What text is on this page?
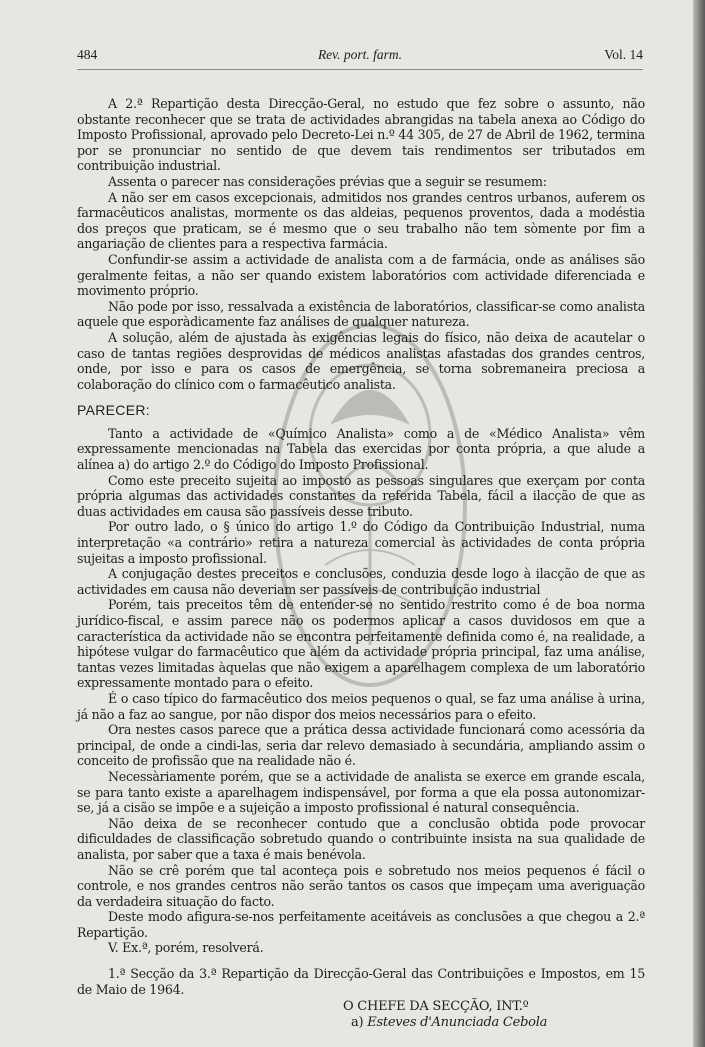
484	Rev. port. farm.	Vol. 14

A 2.ª Repartição desta Direcção-Geral, no estudo que fez sobre o assunto, não obstante reconhecer que se trata de actividades abrangidas na tabela anexa ao Código do Imposto Profissional, aprovado pelo Decreto-Lei n.º 44 305, de 27 de Abril de 1962, termina por se pronunciar no sentido de que devem tais rendimentos ser tributados em contribuição industrial.

Assenta o parecer nas considerações prévias que a seguir se resumem:

A não ser em casos excepcionais, admitidos nos grandes centros urbanos, auferem os farmacêuticos analistas, mormente os das aldeias, pequenos proventos, dada a modéstia dos preços que praticam, se é mesmo que o seu trabalho não tem sòmente por fim a angariação de clientes para a respectiva farmácia.

Confundir-se assim a actividade de analista com a de farmácia, onde as análises são geralmente feitas, a não ser quando existem laboratórios com actividade diferenciada e movimento próprio.

Não pode por isso, ressalvada a existência de laboratórios, classificar-se como analista aquele que esporàdicamente faz análises de qualquer natureza.

A solução, além de ajustada às exigências legais do físico, não deixa de acautelar o caso de tantas regiões desprovidas de médicos analistas afastadas dos grandes centros, onde, por isso e para os casos de emergência, se torna sobremaneira preciosa a colaboração do clínico com o farmacêutico analista.

PARECER:

Tanto a actividade de «Químico Analista» como a de «Médico Analista» vêm expressamente mencionadas na Tabela das exercidas por conta própria, a que alude a alínea a) do artigo 2.º do Código do Imposto Profissional.

Como este preceito sujeita ao imposto as pessoas singulares que exerçam por conta própria algumas das actividades constantes da referida Tabela, fácil a ilacção de que as duas actividades em causa são passíveis desse tributo.

Por outro lado, o § único do artigo 1.º do Código da Contribuição Industrial, numa interpretação «a contrário» retira a natureza comercial às actividades de conta própria sujeitas a imposto profissional.

A conjugação destes preceitos e conclusões, conduzia desde logo à ilacção de que as actividades em causa não deveriam ser passíveis de contribuição industrial

Porém, tais preceitos têm de entender-se no sentido restrito como é de boa norma jurídico-fiscal, e assim parece não os podermos aplicar a casos duvidosos em que a característica da actividade não se encontra perfeitamente definida como é, na realidade, a hipótese vulgar do farmacêutico que além da actividade própria principal, faz uma análise, tantas vezes limitadas àquelas que não exigem a aparelhagem complexa de um laboratório expressamente montado para o efeito.

É o caso típico do farmacêutico dos meios pequenos o qual, se faz uma análise à urina, já não a faz ao sangue, por não dispor dos meios necessários para o efeito.

Ora nestes casos parece que a prática dessa actividade funcionará como acessória da principal, de onde a cindi-las, seria dar relevo demasiado à secundária, ampliando assim o conceito de profissão que na realidade não é.

Necessàriamente porém, que se a actividade de analista se exerce em grande escala, se para tanto existe a aparelhagem indispensável, por forma a que ela possa autonomizar-se, já a cisão se impõe e a sujeição a imposto profissional é natural consequência.

Não deixa de se reconhecer contudo que a conclusão obtida pode provocar dificuldades de classificação sobretudo quando o contribuinte insista na sua qualidade de analista, por saber que a taxa é mais benévola.

Não se crê porém que tal aconteça pois e sobretudo nos meios pequenos é fácil o controle, e nos grandes centros não serão tantos os casos que impeçam uma averiguação da verdadeira situação do facto.

Deste modo afigura-se-nos perfeitamente aceitáveis as conclusões a que chegou a 2.ª Repartição.

V. Ex.ª, porém, resolverá.

1.ª Secção da 3.ª Repartição da Direcção-Geral das Contribuições e Impostos, em 15 de Maio de 1964.

O CHEFE DA SECÇÃO, INT.º
a) Esteves d'Anunciada Cebola
